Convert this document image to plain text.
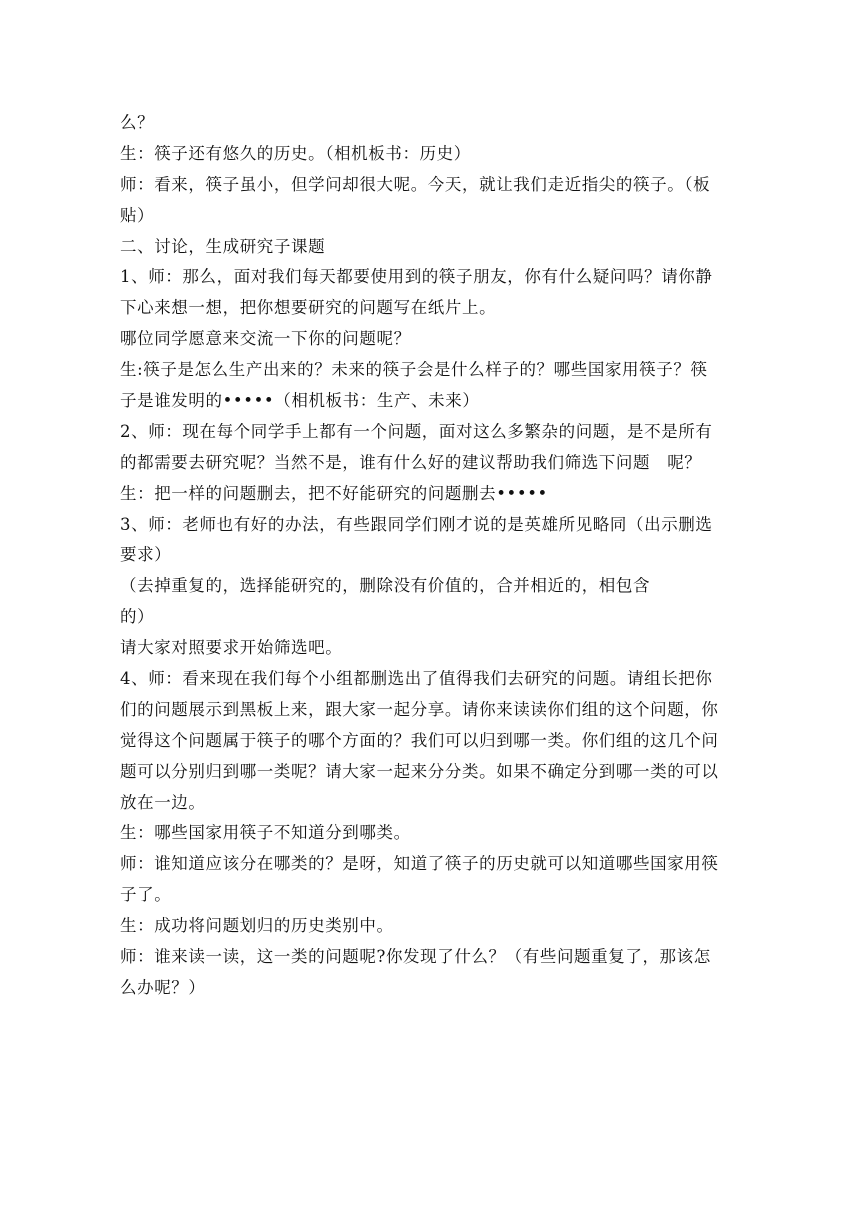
么？
生：筷子还有悠久的历史。（相机板书：历史）
师：看来，筷子虽小，但学问却很大呢。今天，就让我们走近指尖的筷子。（板
贴）
二、讨论，生成研究子课题
1、师：那么，面对我们每天都要使用到的筷子朋友，你有什么疑问吗？请你静
下心来想一想，把你想要研究的问题写在纸片上。
哪位同学愿意来交流一下你的问题呢？
生:筷子是怎么生产出来的？未来的筷子会是什么样子的？哪些国家用筷子？筷
子是谁发明的•••••（相机板书：生产、未来）
2、师：现在每个同学手上都有一个问题，面对这么多繁杂的问题，是不是所有
的都需要去研究呢？当然不是，谁有什么好的建议帮助我们筛选下问题　呢？
生：把一样的问题删去，把不好能研究的问题删去•••••
3、师：老师也有好的办法，有些跟同学们刚才说的是英雄所见略同（出示删选
要求）
（去掉重复的，选择能研究的，删除没有价值的，合并相近的，相包含
的）
请大家对照要求开始筛选吧。
4、师：看来现在我们每个小组都删选出了值得我们去研究的问题。请组长把你
们的问题展示到黑板上来，跟大家一起分享。请你来读读你们组的这个问题，你
觉得这个问题属于筷子的哪个方面的？我们可以归到哪一类。你们组的这几个问
题可以分别归到哪一类呢？请大家一起来分分类。如果不确定分到哪一类的可以
放在一边。
生：哪些国家用筷子不知道分到哪类。
师：谁知道应该分在哪类的？是呀，知道了筷子的历史就可以知道哪些国家用筷
子了。
生：成功将问题划归的历史类别中。
师：谁来读一读，这一类的问题呢?你发现了什么？（有些问题重复了，那该怎
么办呢？）
